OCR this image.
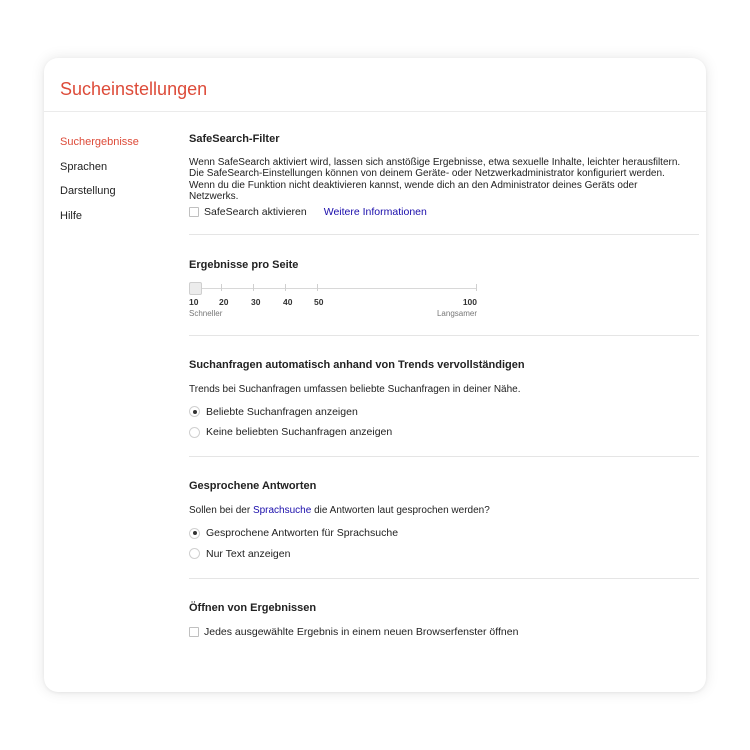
Sucheinstellungen
Suchergebnisse
Sprachen
Darstellung
Hilfe
SafeSearch-Filter

Wenn SafeSearch aktiviert wird, lassen sich anstößige Ergebnisse, etwa sexuelle Inhalte, leichter herausfiltern. Die SafeSearch-Einstellungen können von deinem Geräte- oder Netzwerkadministrator konfiguriert werden. Wenn du die Funktion nicht deaktivieren kannst, wende dich an den Administrator deines Geräts oder Netzwerks.

SafeSearch aktivieren Weitere Informationen
Ergebnisse pro Seite
10 20	30	40	50	100
Schneller	Langsamer
Suchanfragen automatisch anhand von Trends vervollständigen

Trends bei Suchanfragen umfassen beliebte Suchanfragen in deiner Nähe.

Beliebte Suchanfragen anzeigen
Keine beliebten Suchanfragen anzeigen
Gesprochene Antworten

Sollen bei der Sprachsuche die Antworten laut gesprochen werden?

Gesprochene Antworten für Sprachsuche
Nur Text anzeigen
Öffnen von Ergebnissen
Jedes ausgewählte Ergebnis in einem neuen Browserfenster öffnen
